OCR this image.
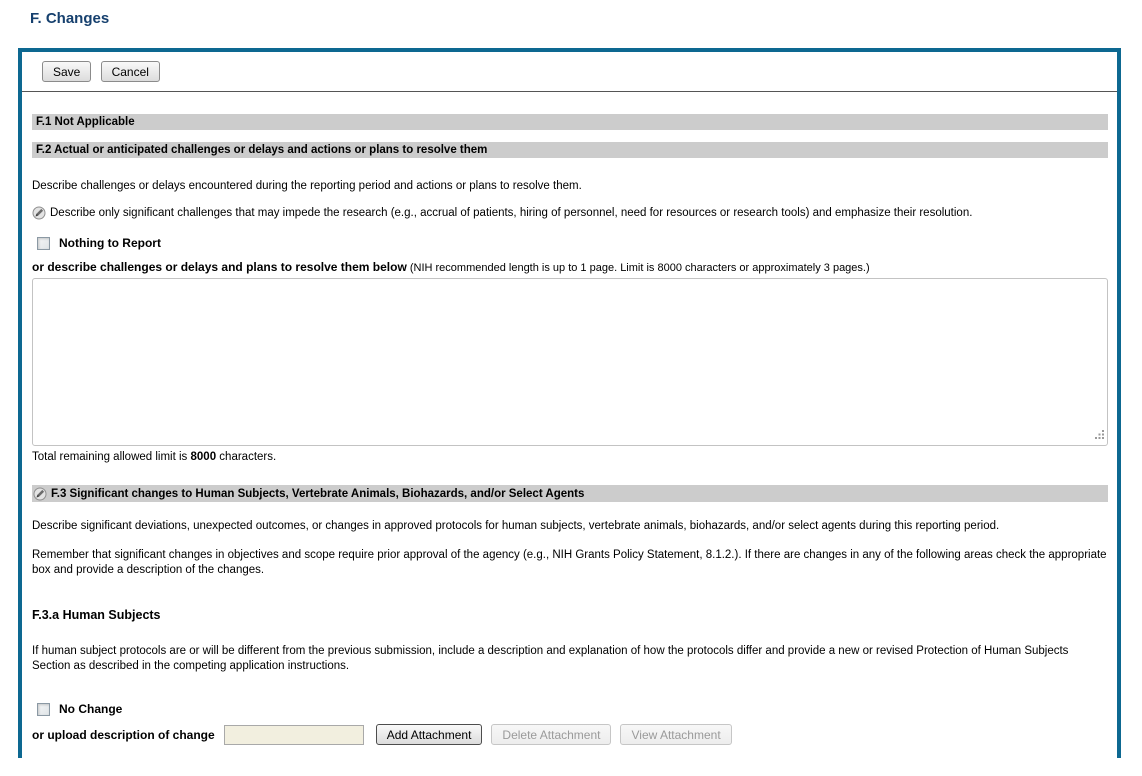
F. Changes
Save	Cancel
F.1 Not Applicable
F.2 Actual or anticipated challenges or delays and actions or plans to resolve them

Describe challenges or delays encountered during the reporting period and actions or plans to resolve them.

Describe only significant challenges that may impede the research (e.g., accrual of patients, hiring of personnel, need for resources or research tools) and emphasize their resolution.
Nothing to Report
or describe challenges or delays and plans to resolve them below (NIH recommended length is up to 1 page. Limit is 8000 characters or approximately 3 pages.)

Total remaining allowed limit is 8000 characters.

F.3 Significant changes to Human Subjects, Vertebrate Animals, Biohazards, and/or Select Agents

Describe significant deviations, unexpected outcomes, or changes in approved protocols for human subjects, vertebrate animals, biohazards, and/or select agents during this reporting period.

Remember that significant changes in objectives and scope require prior approval of the agency (e.g., NIH Grants Policy Statement, 8.1.2.). If there are changes in any of the following areas check the appropriate box and provide a description of the changes.

F.3.a Human Subjects

If human subject protocols are or will be different from the previous submission, include a description and explanation of how the protocols differ and provide a new or revised Protection of Human Subjects Section as described in the competing application instructions.

No Change
or upload description of change	Add Attachment	Delete Attachment	View Attachment
